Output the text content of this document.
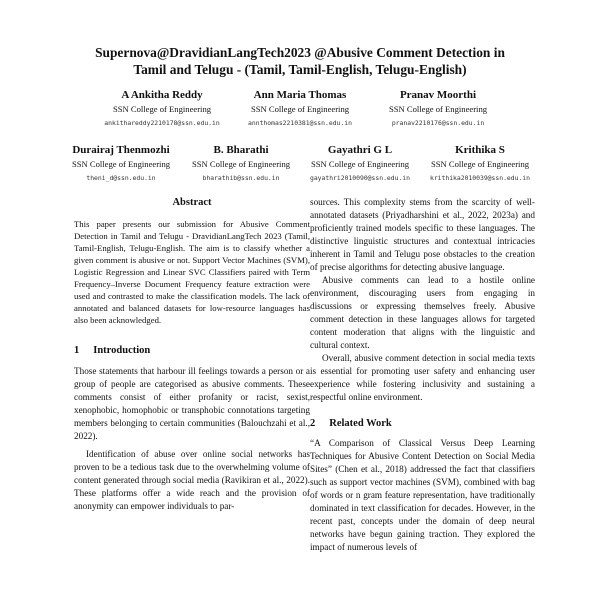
Supernova@DravidianLangTech2023 @Abusive Comment Detection in
Tamil and Telugu - (Tamil, Tamil-English, Telugu-English)
A Ankitha Reddy
SSN College of Engineering
ankithareddy2210178@ssn.edu.in
Ann Maria Thomas
SSN College of Engineering
annthomas2210381@ssn.edu.in
Pranav Moorthi
SSN College of Engineering
pranav2210176@ssn.edu.in
Durairaj Thenmozhi
SSN College of Engineering
theni_d@ssn.edu.in
B. Bharathi
SSN College of Engineering
bharathib@ssn.edu.in
Gayathri G L
SSN College of Engineering
gayathri2010090@ssn.edu.in
Krithika S
SSN College of Engineering
krithika2010039@ssn.edu.in

Abstract

This paper presents our submission for Abusive Comment Detection in Tamil and Telugu - DravidianLangTech 2023 (Tamil, Tamil-English, Telugu-English. The aim is to classify whether a given comment is abusive or not. Support Vector Machines (SVM), Logistic Regression and Linear SVC Classifiers paired with Term Frequency–Inverse Document Frequency feature extraction were used and contrasted to make the classification models. The lack of annotated and balanced datasets for low-resource languages has also been acknowledged.

1 Introduction

Those statements that harbour ill feelings towards a person or a group of people are categorised as abusive comments. These comments consist of either profanity or racist, sexist, xenophobic, homophobic or transphobic connotations targeting members belonging to certain communities (Balouchzahi et al., 2022).

Identification of abuse over online social networks has proven to be a tedious task due to the overwhelming volume of content generated through social media (Ravikiran et al., 2022). These platforms offer a wide reach and the provision of anonymity can empower individuals to par-

sources. This complexity stems from the scarcity of well-annotated datasets (Priyadharshini et al., 2022, 2023a) and proficiently trained models specific to these languages. The distinctive linguistic structures and contextual intricacies inherent in Tamil and Telugu pose obstacles to the creation of precise algorithms for detecting abusive language.

Abusive comments can lead to a hostile online environment, discouraging users from engaging in discussions or expressing themselves freely. Abusive comment detection in these languages allows for targeted content moderation that aligns with the linguistic and cultural context.

Overall, abusive comment detection in social media texts is essential for promoting user safety and enhancing user experience while fostering inclusivity and sustaining a respectful online environment.

2 Related Work

“A Comparison of Classical Versus Deep Learning Techniques for Abusive Content Detection on Social Media Sites” (Chen et al., 2018) addressed the fact that classifiers such as support vector machines (SVM), combined with bag of words or n gram feature representation, have traditionally dominated in text classification for decades. However, in the recent past, concepts under the domain of deep neural networks have begun gaining traction. They explored the impact of numerous levels of
